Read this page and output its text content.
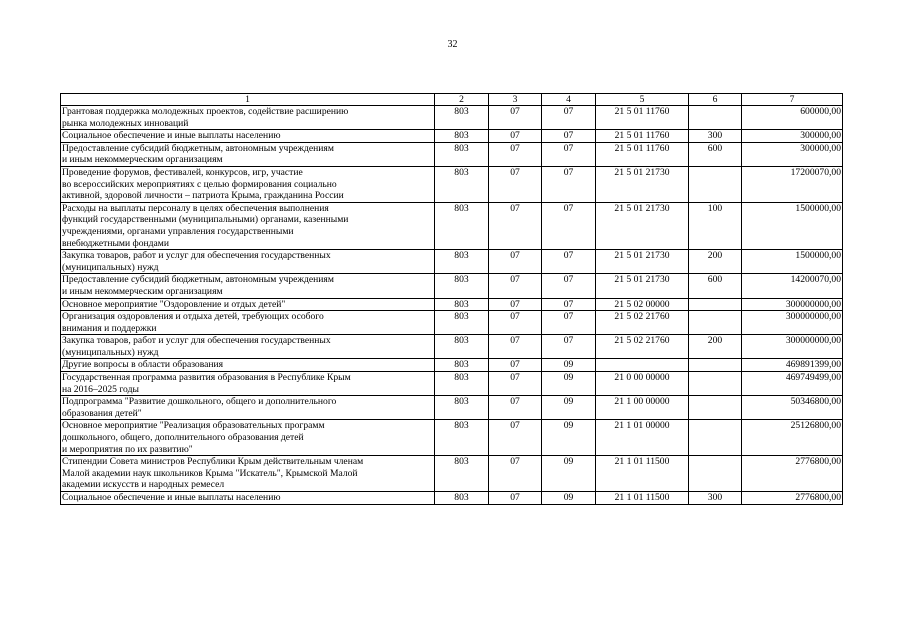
32
1	2	3	4	5	6	7
Грантовая поддержка молодежных проектов, содействие расширению
рынка молодежных инноваций	803	07	07	21 5 01 11760		600000,00
Социальное обеспечение и иные выплаты населению	803	07	07	21 5 01 11760	300	300000,00
Предоставление субсидий бюджетным, автономным учреждениям
и иным некоммерческим организациям	803	07	07	21 5 01 11760	600	300000,00
Проведение форумов, фестивалей, конкурсов, игр, участие
во всероссийских мероприятиях с целью формирования социально
активной, здоровой личности – патриота Крыма, гражданина России	803	07	07	21 5 01 21730		17200070,00
Расходы на выплаты персоналу в целях обеспечения выполнения
функций государственными (муниципальными) органами, казенными
учреждениями, органами управления государственными
внебюджетными фондами	803	07	07	21 5 01 21730	100	1500000,00
Закупка товаров, работ и услуг для обеспечения государственных
(муниципальных) нужд	803	07	07	21 5 01 21730	200	1500000,00
Предоставление субсидий бюджетным, автономным учреждениям
и иным некоммерческим организациям	803	07	07	21 5 01 21730	600	14200070,00
Основное мероприятие "Оздоровление и отдых детей"	803	07	07	21 5 02 00000		300000000,00
Организация оздоровления и отдыха детей, требующих особого
внимания и поддержки	803	07	07	21 5 02 21760		300000000,00
Закупка товаров, работ и услуг для обеспечения государственных
(муниципальных) нужд	803	07	07	21 5 02 21760	200	300000000,00
Другие вопросы в области образования	803	07	09			469891399,00
Государственная программа развития образования в Республике Крым
на 2016–2025 годы	803	07	09	21 0 00 00000		469749499,00
Подпрограмма "Развитие дошкольного, общего и дополнительного
образования детей"	803	07	09	21 1 00 00000		50346800,00
Основное мероприятие "Реализация образовательных программ
дошкольного, общего, дополнительного образования детей
и мероприятия по их развитию"	803	07	09	21 1 01 00000		25126800,00
Стипендии Совета министров Республики Крым действительным членам
Малой академии наук школьников Крыма "Искатель", Крымской Малой
академии искусств и народных ремесел	803	07	09	21 1 01 11500		2776800,00
Социальное обеспечение и иные выплаты населению	803	07	09	21 1 01 11500	300	2776800,00
